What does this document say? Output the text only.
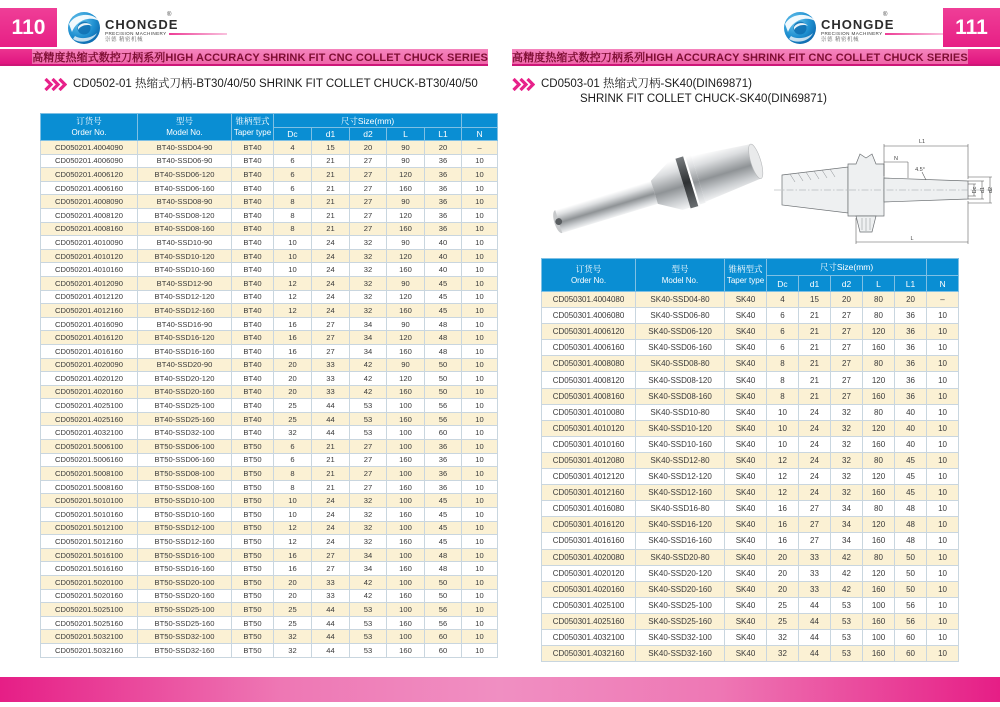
110
®
CHONGDE
PRECISION MACHINERY
崇德 精密机械
高精度热缩式数控刀柄系列HIGH ACCURACY SHRINK FIT CNC COLLET CHUCK SERIES
CD0502-01 热缩式刀柄-BT30/40/50 SHRINK FIT COLLET CHUCK-BT30/40/50
订货号
Order No.

型号
Model No.

锥柄型式
Taper type
	尺寸Size(mm)	
			Dc	d1	d2	L	L1	N
CD050201.4004090	BT40-SSD04-90	BT40	4	15	20	90	20	–
CD050201.4006090	BT40-SSD06-90	BT40	6	21	27	90	36	10
CD050201.4006120	BT40-SSD06-120	BT40	6	21	27	120	36	10
CD050201.4006160	BT40-SSD06-160	BT40	6	21	27	160	36	10
CD050201.4008090	BT40-SSD08-90	BT40	8	21	27	90	36	10
CD050201.4008120	BT40-SSD08-120	BT40	8	21	27	120	36	10
CD050201.4008160	BT40-SSD08-160	BT40	8	21	27	160	36	10
CD050201.4010090	BT40-SSD10-90	BT40	10	24	32	90	40	10
CD050201.4010120	BT40-SSD10-120	BT40	10	24	32	120	40	10
CD050201.4010160	BT40-SSD10-160	BT40	10	24	32	160	40	10
CD050201.4012090	BT40-SSD12-90	BT40	12	24	32	90	45	10
CD050201.4012120	BT40-SSD12-120	BT40	12	24	32	120	45	10
CD050201.4012160	BT40-SSD12-160	BT40	12	24	32	160	45	10
CD050201.4016090	BT40-SSD16-90	BT40	16	27	34	90	48	10
CD050201.4016120	BT40-SSD16-120	BT40	16	27	34	120	48	10
CD050201.4016160	BT40-SSD16-160	BT40	16	27	34	160	48	10
CD050201.4020090	BT40-SSD20-90	BT40	20	33	42	90	50	10
CD050201.4020120	BT40-SSD20-120	BT40	20	33	42	120	50	10
CD050201.4020160	BT40-SSD20-160	BT40	20	33	42	160	50	10
CD050201.4025100	BT40-SSD25-100	BT40	25	44	53	100	56	10
CD050201.4025160	BT40-SSD25-160	BT40	25	44	53	160	56	10
CD050201.4032100	BT40-SSD32-100	BT40	32	44	53	100	60	10
CD050201.5006100	BT50-SSD06-100	BT50	6	21	27	100	36	10
CD050201.5006160	BT50-SSD06-160	BT50	6	21	27	160	36	10
CD050201.5008100	BT50-SSD08-100	BT50	8	21	27	100	36	10
CD050201.5008160	BT50-SSD08-160	BT50	8	21	27	160	36	10
CD050201.5010100	BT50-SSD10-100	BT50	10	24	32	100	45	10
CD050201.5010160	BT50-SSD10-160	BT50	10	24	32	160	45	10
CD050201.5012100	BT50-SSD12-100	BT50	12	24	32	100	45	10
CD050201.5012160	BT50-SSD12-160	BT50	12	24	32	160	45	10
CD050201.5016100	BT50-SSD16-100	BT50	16	27	34	100	48	10
CD050201.5016160	BT50-SSD16-160	BT50	16	27	34	160	48	10
CD050201.5020100	BT50-SSD20-100	BT50	20	33	42	100	50	10
CD050201.5020160	BT50-SSD20-160	BT50	20	33	42	160	50	10
CD050201.5025100	BT50-SSD25-100	BT50	25	44	53	100	56	10
CD050201.5025160	BT50-SSD25-160	BT50	25	44	53	160	56	10
CD050201.5032100	BT50-SSD32-100	BT50	32	44	53	100	60	10
CD050201.5032160	BT50-SSD32-160	BT50	32	44	53	160	60	10
®
CHONGDE
PRECISION MACHINERY
崇德 精密机械
111
高精度热缩式数控刀柄系列HIGH ACCURACY SHRINK FIT CNC COLLET CHUCK SERIES
CD0503-01 热缩式刀柄-SK40(DIN69871)
SHRINK FIT COLLET CHUCK-SK40(DIN69871)
L1
N
4.5°
Dc d1 d2
L
订货号
Order No.

型号
Model No.

锥柄型式
Taper type
	尺寸Size(mm)	
			Dc	d1	d2	L	L1	N
CD050301.4004080	SK40-SSD04-80	SK40	4	15	20	80	20	–
CD050301.4006080	SK40-SSD06-80	SK40	6	21	27	80	36	10
CD050301.4006120	SK40-SSD06-120	SK40	6	21	27	120	36	10
CD050301.4006160	SK40-SSD06-160	SK40	6	21	27	160	36	10
CD050301.4008080	SK40-SSD08-80	SK40	8	21	27	80	36	10
CD050301.4008120	SK40-SSD08-120	SK40	8	21	27	120	36	10
CD050301.4008160	SK40-SSD08-160	SK40	8	21	27	160	36	10
CD050301.4010080	SK40-SSD10-80	SK40	10	24	32	80	40	10
CD050301.4010120	SK40-SSD10-120	SK40	10	24	32	120	40	10
CD050301.4010160	SK40-SSD10-160	SK40	10	24	32	160	40	10
CD050301.4012080	SK40-SSD12-80	SK40	12	24	32	80	45	10
CD050301.4012120	SK40-SSD12-120	SK40	12	24	32	120	45	10
CD050301.4012160	SK40-SSD12-160	SK40	12	24	32	160	45	10
CD050301.4016080	SK40-SSD16-80	SK40	16	27	34	80	48	10
CD050301.4016120	SK40-SSD16-120	SK40	16	27	34	120	48	10
CD050301.4016160	SK40-SSD16-160	SK40	16	27	34	160	48	10
CD050301.4020080	SK40-SSD20-80	SK40	20	33	42	80	50	10
CD050301.4020120	SK40-SSD20-120	SK40	20	33	42	120	50	10
CD050301.4020160	SK40-SSD20-160	SK40	20	33	42	160	50	10
CD050301.4025100	SK40-SSD25-100	SK40	25	44	53	100	56	10
CD050301.4025160	SK40-SSD25-160	SK40	25	44	53	160	56	10
CD050301.4032100	SK40-SSD32-100	SK40	32	44	53	100	60	10
CD050301.4032160	SK40-SSD32-160	SK40	32	44	53	160	60	10
